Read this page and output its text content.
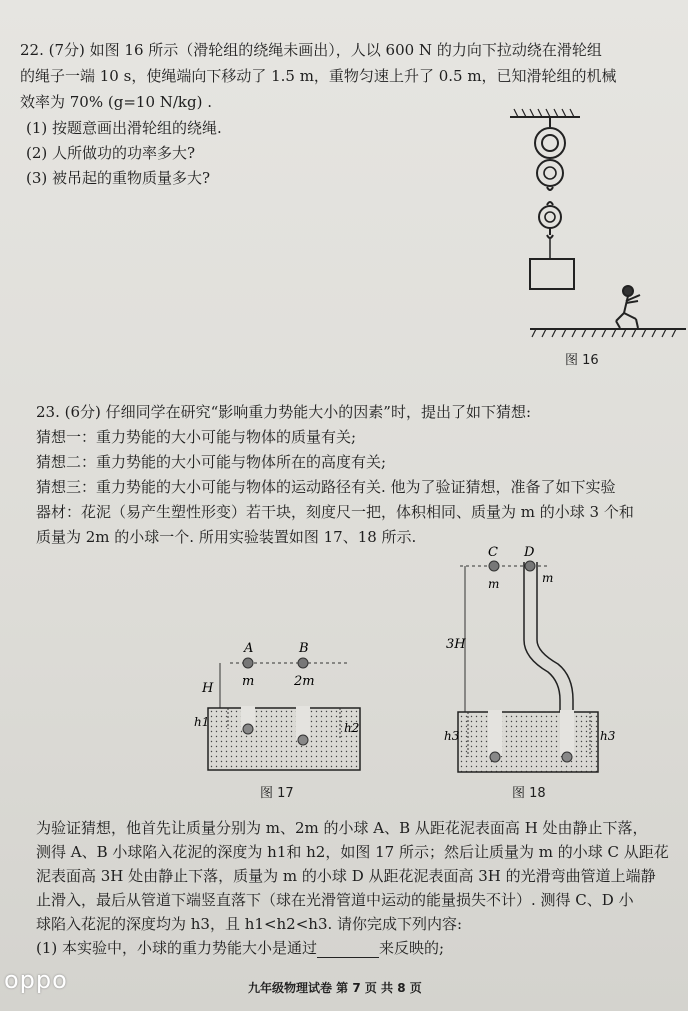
22. (7分) 如图 16 所示（滑轮组的绕绳未画出），人以 600 N 的力向下拉动绕在滑轮组
的绳子一端 10 s，使绳端向下移动了 1.5 m，重物匀速上升了 0.5 m，已知滑轮组的机械
效率为 70% (g=10 N/kg) .
(1) 按题意画出滑轮组的绕绳.
(2) 人所做功的功率多大?
(3) 被吊起的重物质量多大?
图 16
23. (6分) 仔细同学在研究“影响重力势能大小的因素”时，提出了如下猜想:
猜想一：重力势能的大小可能与物体的质量有关;
猜想二：重力势能的大小可能与物体所在的高度有关;
猜想三：重力势能的大小可能与物体的运动路径有关. 他为了验证猜想，准备了如下实验
器材：花泥（易产生塑性形变）若干块，刻度尺一把，体积相同、质量为 m 的小球 3 个和
质量为 2m 的小球一个. 所用实验装置如图 17、18 所示.
A	B
m	2m
H
h1	h2
图 17
C D
m	m
3H
h3	h3
图 18
为验证猜想，他首先让质量分别为 m、2m 的小球 A、B 从距花泥表面高 H 处由静止下落，
测得 A、B 小球陷入花泥的深度为 h1和 h2，如图 17 所示；然后让质量为 m 的小球 C 从距花
泥表面高 3H 处由静止下落，质量为 m 的小球 D 从距花泥表面高 3H 的光滑弯曲管道上端静
止滑入，最后从管道下端竖直落下（球在光滑管道中运动的能量损失不计）. 测得 C、D 小
球陷入花泥的深度均为 h3，且 h1<h2<h3. 请你完成下列内容:
(1) 本实验中，小球的重力势能大小是通过	来反映的;
九年级物理试卷 第 7 页 共 8 页
oppo
